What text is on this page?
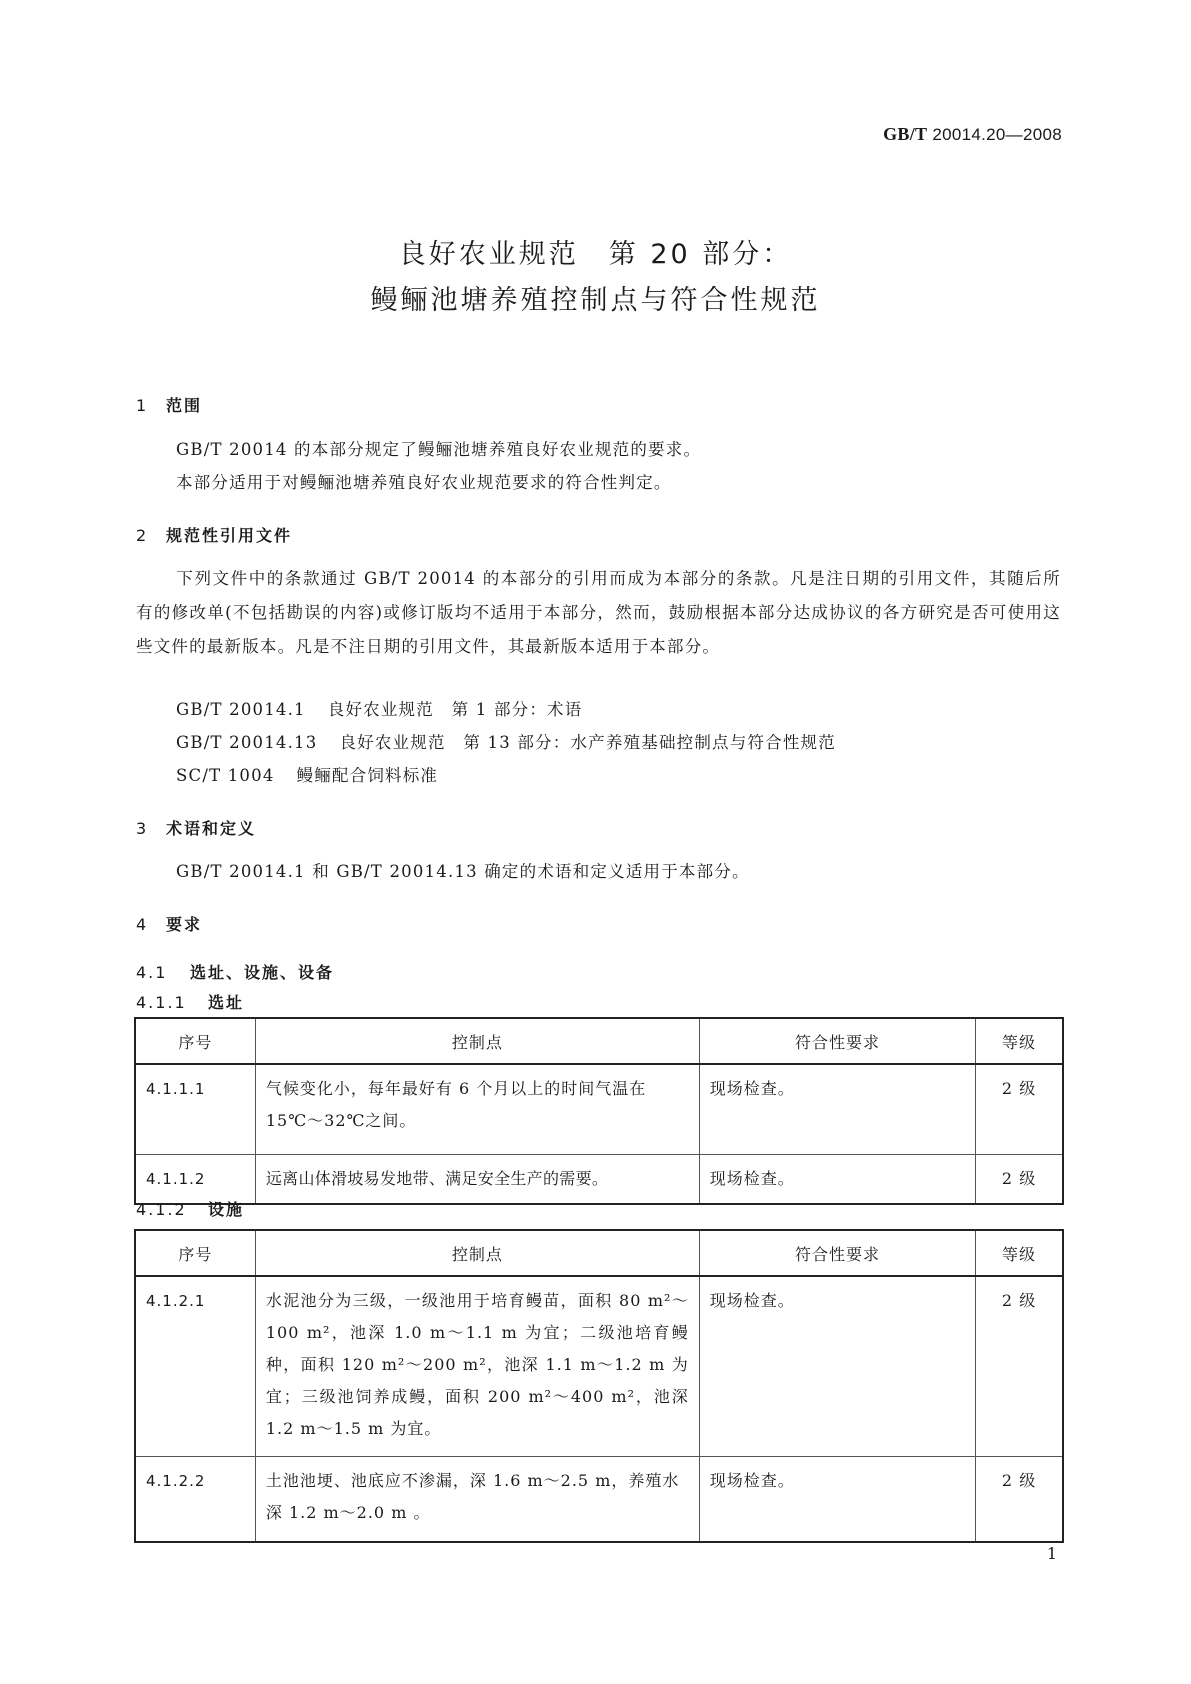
GB/T 20014.20—2008
良好农业规范　第 20 部分：
鳗鲡池塘养殖控制点与符合性规范
1 范围
GB/T 20014 的本部分规定了鳗鲡池塘养殖良好农业规范的要求。
本部分适用于对鳗鲡池塘养殖良好农业规范要求的符合性判定。
2 规范性引用文件
下列文件中的条款通过 GB/T 20014 的本部分的引用而成为本部分的条款。凡是注日期的引用文件，其随后所有的修改单(不包括勘误的内容)或修订版均不适用于本部分，然而，鼓励根据本部分达成协议的各方研究是否可使用这些文件的最新版本。凡是不注日期的引用文件，其最新版本适用于本部分。
GB/T 20014.1 良好农业规范　第 1 部分：术语
GB/T 20014.13 良好农业规范　第 13 部分：水产养殖基础控制点与符合性规范
SC/T 1004 鳗鲡配合饲料标准
3 术语和定义
GB/T 20014.1 和 GB/T 20014.13 确定的术语和定义适用于本部分。
4 要求
4.1 选址、设施、设备
4.1.1 选址
序号	控制点	符合性要求	等级
4.1.1.1	气候变化小，每年最好有 6 个月以上的时间气温在 15℃～32℃之间。	现场检查。	2 级
4.1.1.2	远离山体滑坡易发地带、满足安全生产的需要。	现场检查。	2 级
4.1.2 设施
序号	控制点	符合性要求	等级
4.1.2.1	水泥池分为三级，一级池用于培育鳗苗，面积 80 m²～100 m²，池深 1.0 m～1.1 m 为宜；二级池培育鳗种，面积 120 m²～200 m²，池深 1.1 m～1.2 m 为宜；三级池饲养成鳗，面积 200 m²～400 m²，池深 1.2 m～1.5 m 为宜。	现场检查。	2 级
4.1.2.2	土池池埂、池底应不渗漏，深 1.6 m～2.5 m，养殖水深 1.2 m～2.0 m 。	现场检查。	2 级
1
